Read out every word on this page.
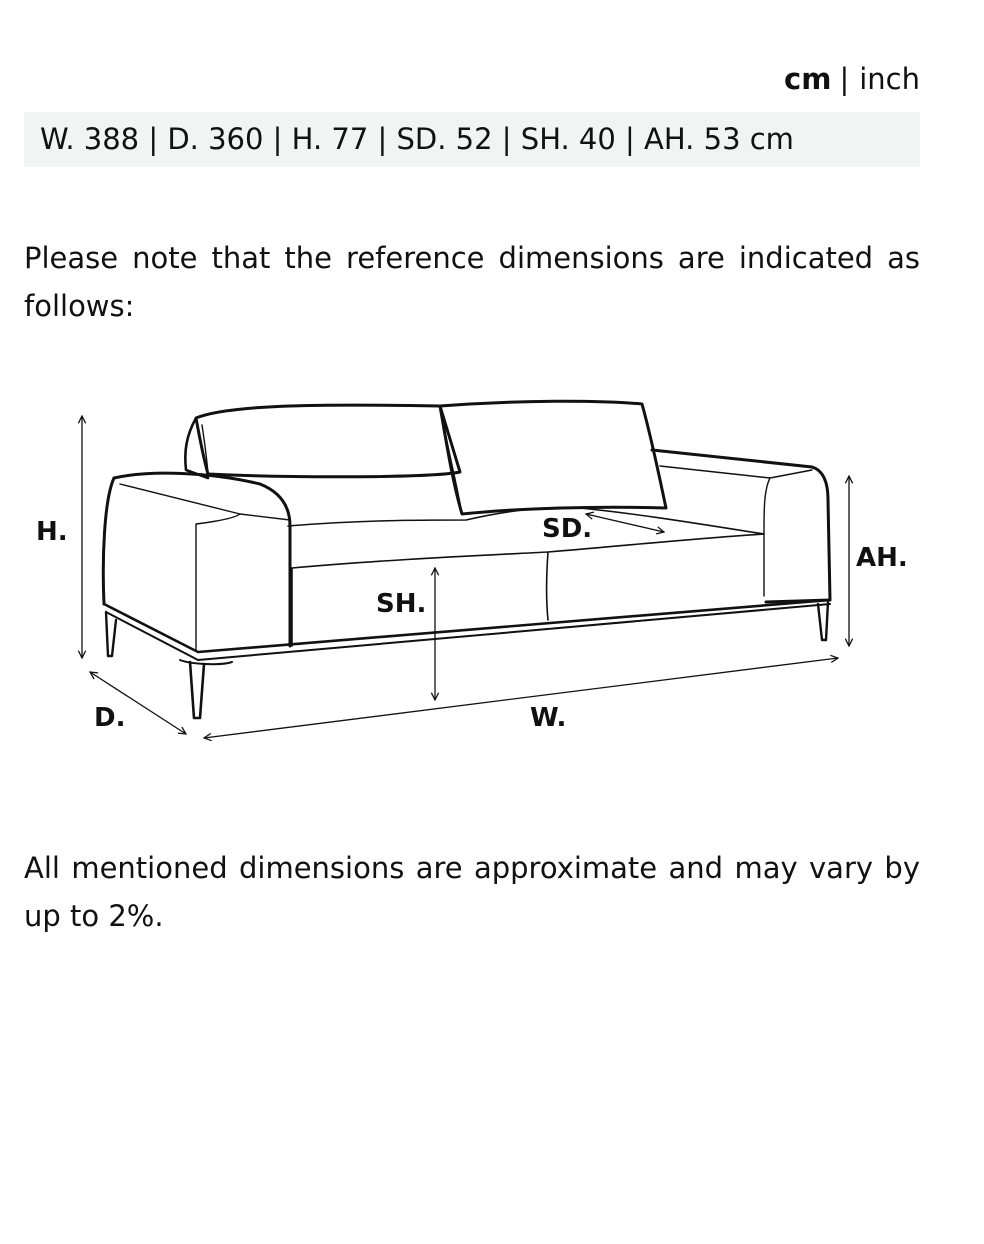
cm | inch
W. 388 | D. 360 | H. 77 | SD. 52 | SH. 40 | AH. 53 cm
Please note that the reference dimensions are indicated as follows:
H.	SD.
AH.
SH.
D.	W.
All mentioned dimensions are approximate and may vary by up to 2%.
